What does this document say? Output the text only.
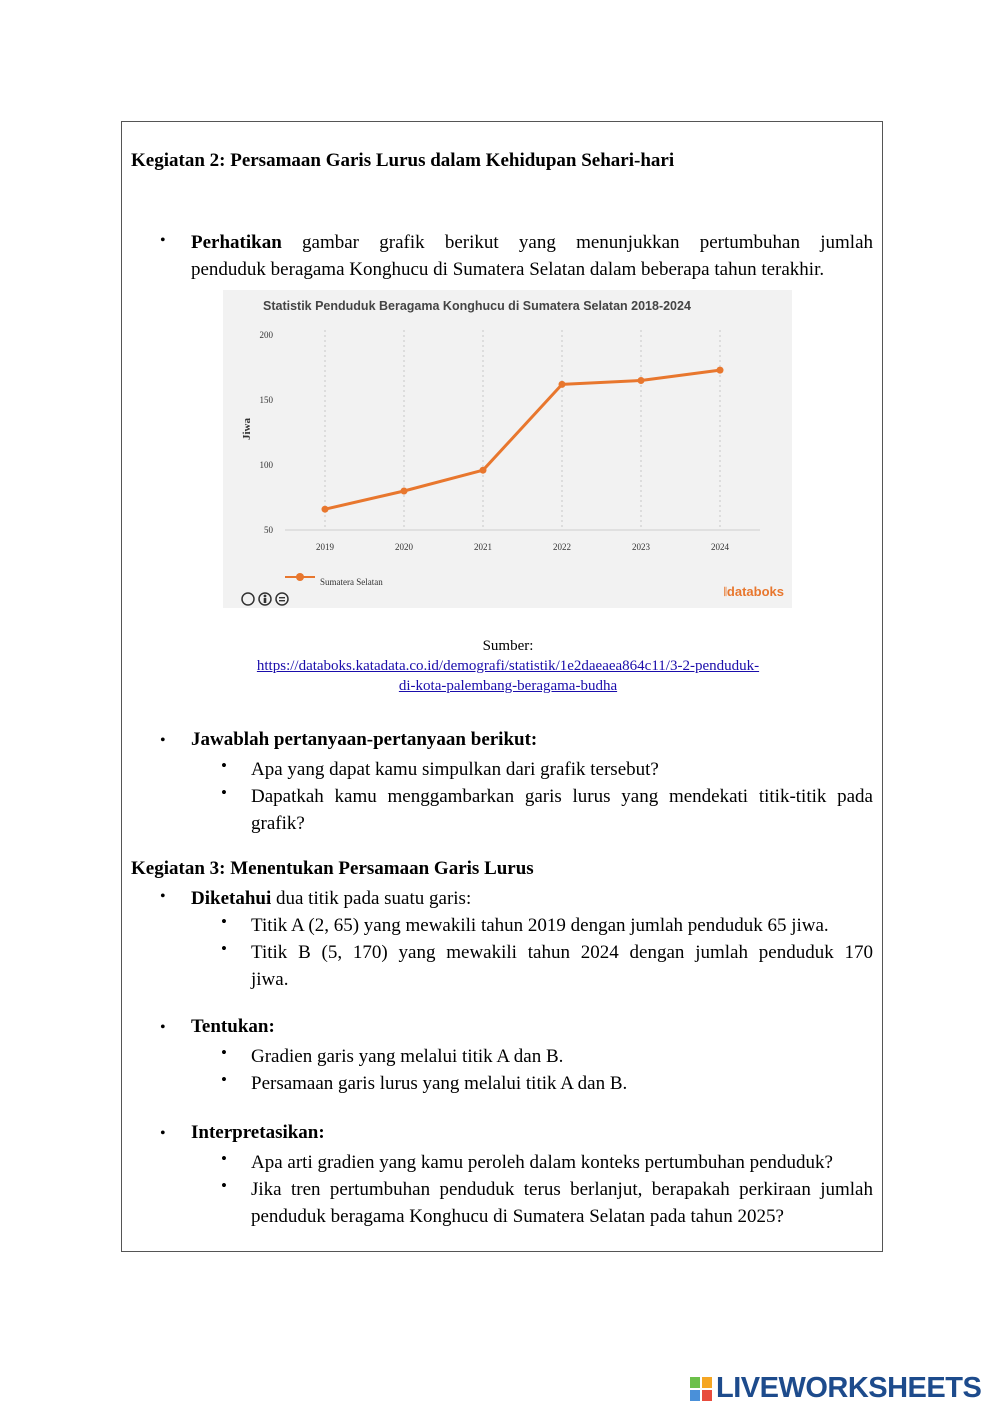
Kegiatan 2: Persamaan Garis Lurus dalam Kehidupan Sehari-hari
• Perhatikan gambar grafik berikut yang menunjukkan pertumbuhan jumlah
penduduk beragama Konghucu di Sumatera Selatan dalam beberapa tahun terakhir.
Statistik Penduduk Beragama Konghucu di Sumatera Selatan 2018-2024
2019	2020	2021	2022	2023	2024
50
100
150
200
Jiwa
Sumatera Selatan
𝄃databoks
Sumber:
https://databoks.katadata.co.id/demografi/statistik/1e2daeaea864c11/3-2-penduduk-
di-kota-palembang-beragama-budha
• Jawablah pertanyaan-pertanyaan berikut:
• Apa yang dapat kamu simpulkan dari grafik tersebut?
• Dapatkah kamu menggambarkan garis lurus yang mendekati titik-titik pada
grafik?
Kegiatan 3: Menentukan Persamaan Garis Lurus
• Diketahui dua titik pada suatu garis:
• Titik A (2, 65) yang mewakili tahun 2019 dengan jumlah penduduk 65 jiwa.
• Titik B (5, 170) yang mewakili tahun 2024 dengan jumlah penduduk 170
jiwa.
• Tentukan:
• Gradien garis yang melalui titik A dan B.
• Persamaan garis lurus yang melalui titik A dan B.
• Interpretasikan:
• Apa arti gradien yang kamu peroleh dalam konteks pertumbuhan penduduk?
• Jika tren pertumbuhan penduduk terus berlanjut, berapakah perkiraan jumlah
penduduk beragama Konghucu di Sumatera Selatan pada tahun 2025?
LIVEWORKSHEETS
